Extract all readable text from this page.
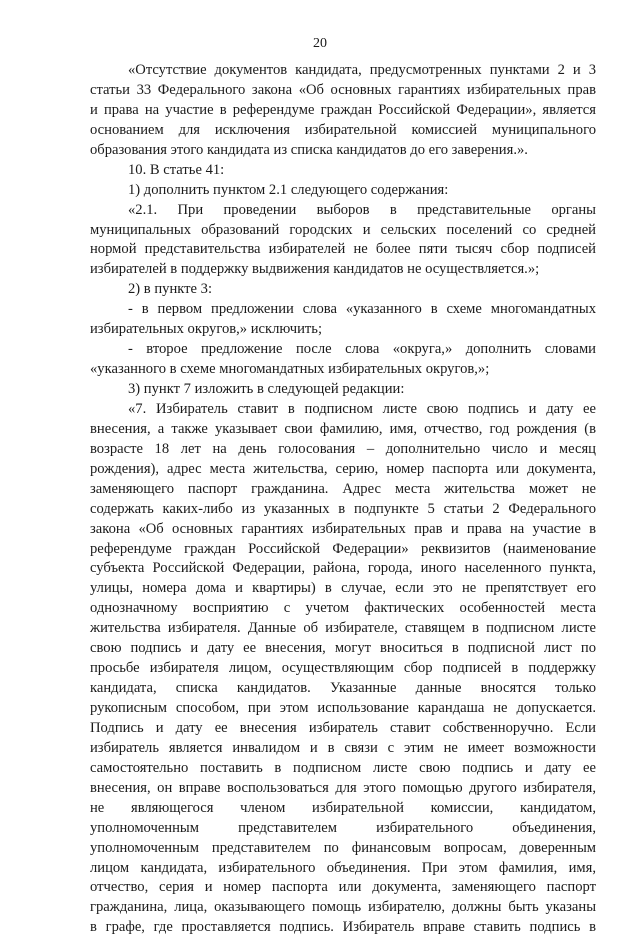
20
«Отсутствие документов кандидата, предусмотренных пунктами 2 и 3
статьи 33 Федерального закона «Об основных гарантиях избирательных прав
и права на участие в референдуме граждан Российской Федерации», является
основанием для исключения избирательной комиссией муниципального
образования этого кандидата из списка кандидатов до его заверения.».
10. В статье 41:
1) дополнить пунктом 2.1 следующего содержания:
«2.1. При проведении выборов в представительные органы
муниципальных образований городских и сельских поселений со средней
нормой представительства избирателей не более пяти тысяч сбор подписей
избирателей в поддержку выдвижения кандидатов не осуществляется.»;
2) в пункте 3:
- в первом предложении слова «указанного в схеме многомандатных
избирательных округов,» исключить;
- второе предложение после слова «округа,» дополнить словами
«указанного в схеме многомандатных избирательных округов,»;
3) пункт 7 изложить в следующей редакции:
«7. Избиратель ставит в подписном листе свою подпись и дату ее
внесения, а также указывает свои фамилию, имя, отчество, год рождения (в
возрасте 18 лет на день голосования – дополнительно число и месяц
рождения), адрес места жительства, серию, номер паспорта или документа,
заменяющего паспорт гражданина. Адрес места жительства может не
содержать каких-либо из указанных в подпункте 5 статьи 2 Федерального
закона «Об основных гарантиях избирательных прав и права на участие в
референдуме граждан Российской Федерации» реквизитов (наименование
субъекта Российской Федерации, района, города, иного населенного пункта,
улицы, номера дома и квартиры) в случае, если это не препятствует его
однозначному восприятию с учетом фактических особенностей места
жительства избирателя. Данные об избирателе, ставящем в подписном листе
свою подпись и дату ее внесения, могут вноситься в подписной лист по
просьбе избирателя лицом, осуществляющим сбор подписей в поддержку
кандидата, списка кандидатов. Указанные данные вносятся только
рукописным способом, при этом использование карандаша не допускается.
Подпись и дату ее внесения избиратель ставит собственноручно. Если
избиратель является инвалидом и в связи с этим не имеет возможности
самостоятельно поставить в подписном листе свою подпись и дату ее
внесения, он вправе воспользоваться для этого помощью другого избирателя,
не являющегося членом избирательной комиссии, кандидатом,
уполномоченным представителем избирательного объединения,
уполномоченным представителем по финансовым вопросам, доверенным
лицом кандидата, избирательного объединения. При этом фамилия, имя,
отчество, серия и номер паспорта или документа, заменяющего паспорт
гражданина, лица, оказывающего помощь избирателю, должны быть указаны
в графе, где проставляется подпись. Избиратель вправе ставить подпись в
